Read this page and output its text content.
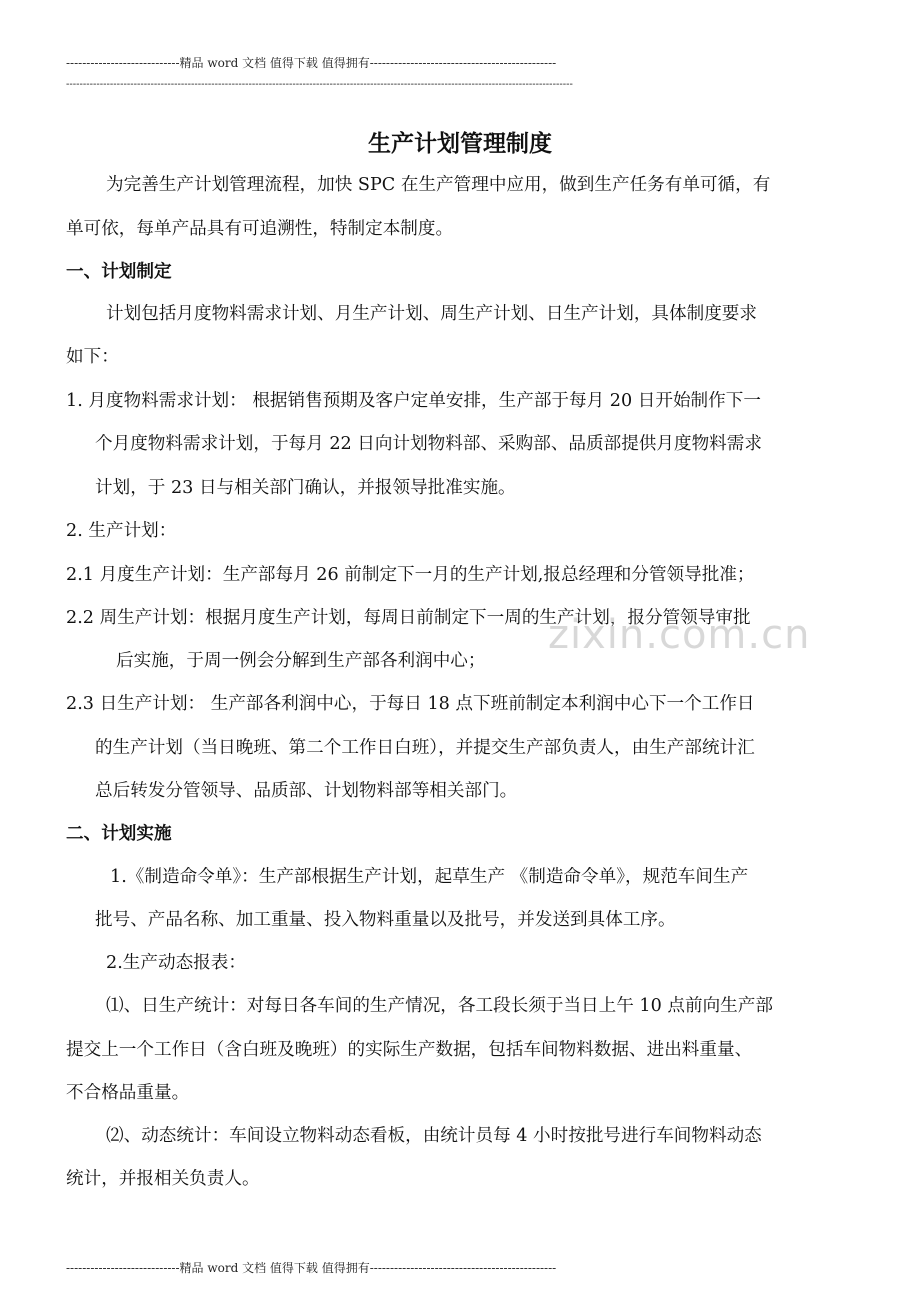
----------------------------精品 word 文档 值得下载 值得拥有----------------------------------------------
------------------------------------------------------------------------------------------------------------------------------------------------------
生产计划管理制度
为完善生产计划管理流程，加快 SPC 在生产管理中应用，做到生产任务有单可循，有
单可依，每单产品具有可追溯性，特制定本制度。
一、计划制定
计划包括月度物料需求计划、月生产计划、周生产计划、日生产计划，具体制度要求
如下：
1. 月度物料需求计划： 根据销售预期及客户定单安排，生产部于每月 20 日开始制作下一
个月度物料需求计划，于每月 22 日向计划物料部、采购部、品质部提供月度物料需求
计划，于 23 日与相关部门确认，并报领导批准实施。
2. 生产计划：
2.1 月度生产计划：生产部每月 26 前制定下一月的生产计划,报总经理和分管领导批准；
2.2 周生产计划：根据月度生产计划，每周日前制定下一周的生产计划，报分管领导审批
后实施，于周一例会分解到生产部各利润中心；
2.3 日生产计划： 生产部各利润中心，于每日 18 点下班前制定本利润中心下一个工作日
的生产计划（当日晚班、第二个工作日白班），并提交生产部负责人，由生产部统计汇
总后转发分管领导、品质部、计划物料部等相关部门。
二、计划实施
1.《制造命令单》：生产部根据生产计划，起草生产 《制造命令单》，规范车间生产
批号、产品名称、加工重量、投入物料重量以及批号，并发送到具体工序。
2.生产动态报表：
⑴、日生产统计：对每日各车间的生产情况，各工段长须于当日上午 10 点前向生产部
提交上一个工作日（含白班及晚班）的实际生产数据，包括车间物料数据、进出料重量、
不合格品重量。
⑵、动态统计：车间设立物料动态看板，由统计员每 4 小时按批号进行车间物料动态
统计，并报相关负责人。
zixin.com.cn
----------------------------精品 word 文档 值得下载 值得拥有----------------------------------------------
